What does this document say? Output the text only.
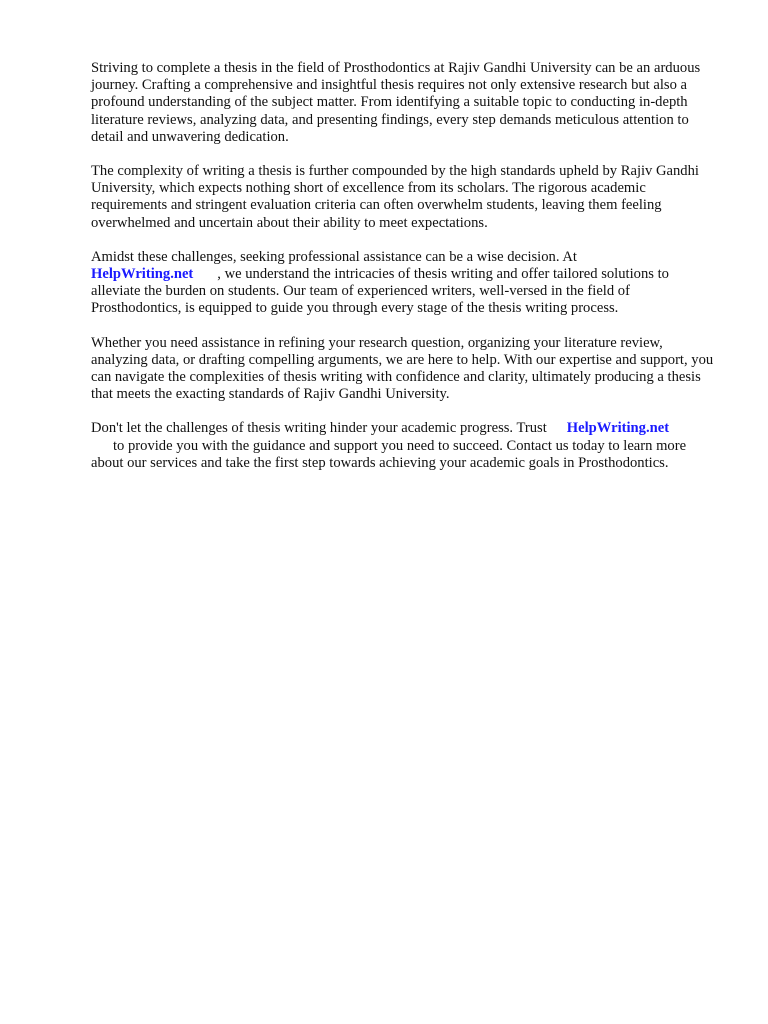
Striving to complete a thesis in the field of Prosthodontics at Rajiv Gandhi University can be an arduous journey. Crafting a comprehensive and insightful thesis requires not only extensive research but also a profound understanding of the subject matter. From identifying a suitable topic to conducting in-depth literature reviews, analyzing data, and presenting findings, every step demands meticulous attention to detail and unwavering dedication.

The complexity of writing a thesis is further compounded by the high standards upheld by Rajiv Gandhi University, which expects nothing short of excellence from its scholars. The rigorous academic requirements and stringent evaluation criteria can often overwhelm students, leaving them feeling overwhelmed and uncertain about their ability to meet expectations.

Amidst these challenges, seeking professional assistance can be a wise decision. At
HelpWriting.net , we understand the intricacies of thesis writing and offer tailored solutions to alleviate the burden on students. Our team of experienced writers, well-versed in the field of Prosthodontics, is equipped to guide you through every stage of the thesis writing process.

Whether you need assistance in refining your research question, organizing your literature review, analyzing data, or drafting compelling arguments, we are here to help. With our expertise and support, you can navigate the complexities of thesis writing with confidence and clarity, ultimately producing a thesis that meets the exacting standards of Rajiv Gandhi University.

Don't let the challenges of thesis writing hinder your academic progress. Trust HelpWriting.net
to provide you with the guidance and support you need to succeed. Contact us today to learn more about our services and take the first step towards achieving your academic goals in Prosthodontics.
